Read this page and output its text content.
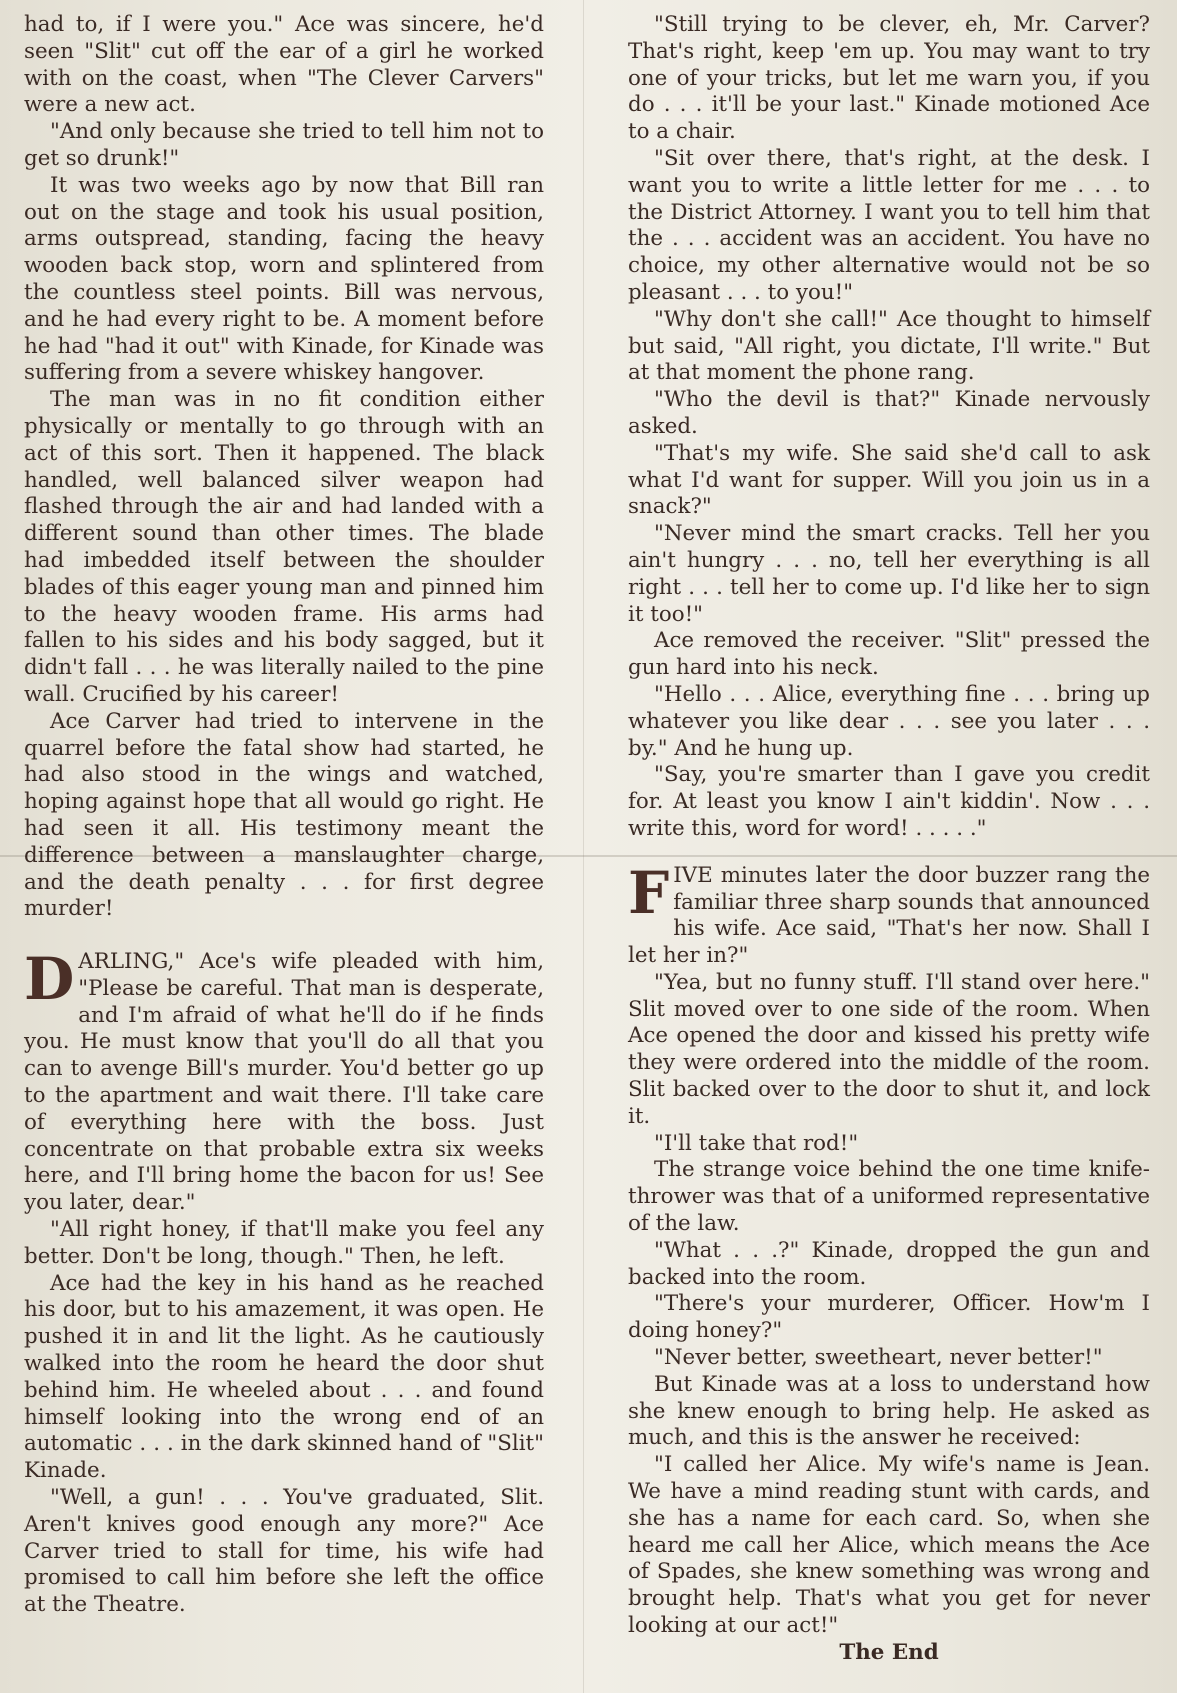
had to, if I were you." Ace was sincere, he'd seen "Slit" cut off the ear of a girl he worked with on the coast, when "The Clever Carvers" were a new act.

"And only because she tried to tell him not to get so drunk!"

It was two weeks ago by now that Bill ran out on the stage and took his usual position, arms outspread, standing, facing the heavy wooden back stop, worn and splintered from the countless steel points. Bill was nervous, and he had every right to be. A moment before he had "had it out" with Kinade, for Kinade was suffering from a severe whiskey hangover.

The man was in no fit condition either physically or mentally to go through with an act of this sort. Then it happened. The black handled, well balanced silver weapon had flashed through the air and had landed with a different sound than other times. The blade had imbedded itself between the shoulder blades of this eager young man and pinned him to the heavy wooden frame. His arms had fallen to his sides and his body sagged, but it didn't fall . . . he was literally nailed to the pine wall. Crucified by his career!

Ace Carver had tried to intervene in the quarrel before the fatal show had started, he had also stood in the wings and watched, hoping against hope that all would go right. He had seen it all. His testimony meant the difference between a manslaughter charge, and the death penalty . . . for first degree murder!

DARLING," Ace's wife pleaded with him, "Please be careful. That man is desperate, and I'm afraid of what he'll do if he finds you. He must know that you'll do all that you can to avenge Bill's murder. You'd better go up to the apartment and wait there. I'll take care of everything here with the boss. Just concentrate on that probable extra six weeks here, and I'll bring home the bacon for us! See you later, dear."

"All right honey, if that'll make you feel any better. Don't be long, though." Then, he left.

Ace had the key in his hand as he reached his door, but to his amazement, it was open. He pushed it in and lit the light. As he cautiously walked into the room he heard the door shut behind him. He wheeled about . . . and found himself looking into the wrong end of an automatic . . . in the dark skinned hand of "Slit" Kinade.

"Well, a gun! . . . You've graduated, Slit. Aren't knives good enough any more?" Ace Carver tried to stall for time, his wife had promised to call him before she left the office at the Theatre.

"Still trying to be clever, eh, Mr. Carver? That's right, keep 'em up. You may want to try one of your tricks, but let me warn you, if you do . . . it'll be your last." Kinade motioned Ace to a chair.

"Sit over there, that's right, at the desk. I want you to write a little letter for me . . . to the District Attorney. I want you to tell him that the . . . accident was an accident. You have no choice, my other alternative would not be so pleasant . . . to you!"

"Why don't she call!" Ace thought to himself but said, "All right, you dictate, I'll write." But at that moment the phone rang.

"Who the devil is that?" Kinade nervously asked.

"That's my wife. She said she'd call to ask what I'd want for supper. Will you join us in a snack?"

"Never mind the smart cracks. Tell her you ain't hungry . . . no, tell her everything is all right . . . tell her to come up. I'd like her to sign it too!"

Ace removed the receiver. "Slit" pressed the gun hard into his neck.

"Hello . . . Alice, everything fine . . . bring up whatever you like dear . . . see you later . . . by." And he hung up.

"Say, you're smarter than I gave you credit for. At least you know I ain't kiddin'. Now . . . write this, word for word! . . . . ."

FIVE minutes later the door buzzer rang the familiar three sharp sounds that announced his wife. Ace said, "That's her now. Shall I let her in?"

"Yea, but no funny stuff. I'll stand over here." Slit moved over to one side of the room. When Ace opened the door and kissed his pretty wife they were ordered into the middle of the room. Slit backed over to the door to shut it, and lock it.

"I'll take that rod!"

The strange voice behind the one time knife-thrower was that of a uniformed representative of the law.

"What . . .?" Kinade, dropped the gun and backed into the room.

"There's your murderer, Officer. How'm I doing honey?"

"Never better, sweetheart, never better!"

But Kinade was at a loss to understand how she knew enough to bring help. He asked as much, and this is the answer he received:

"I called her Alice. My wife's name is Jean. We have a mind reading stunt with cards, and she has a name for each card. So, when she heard me call her Alice, which means the Ace of Spades, she knew something was wrong and brought help. That's what you get for never looking at our act!"

The End
